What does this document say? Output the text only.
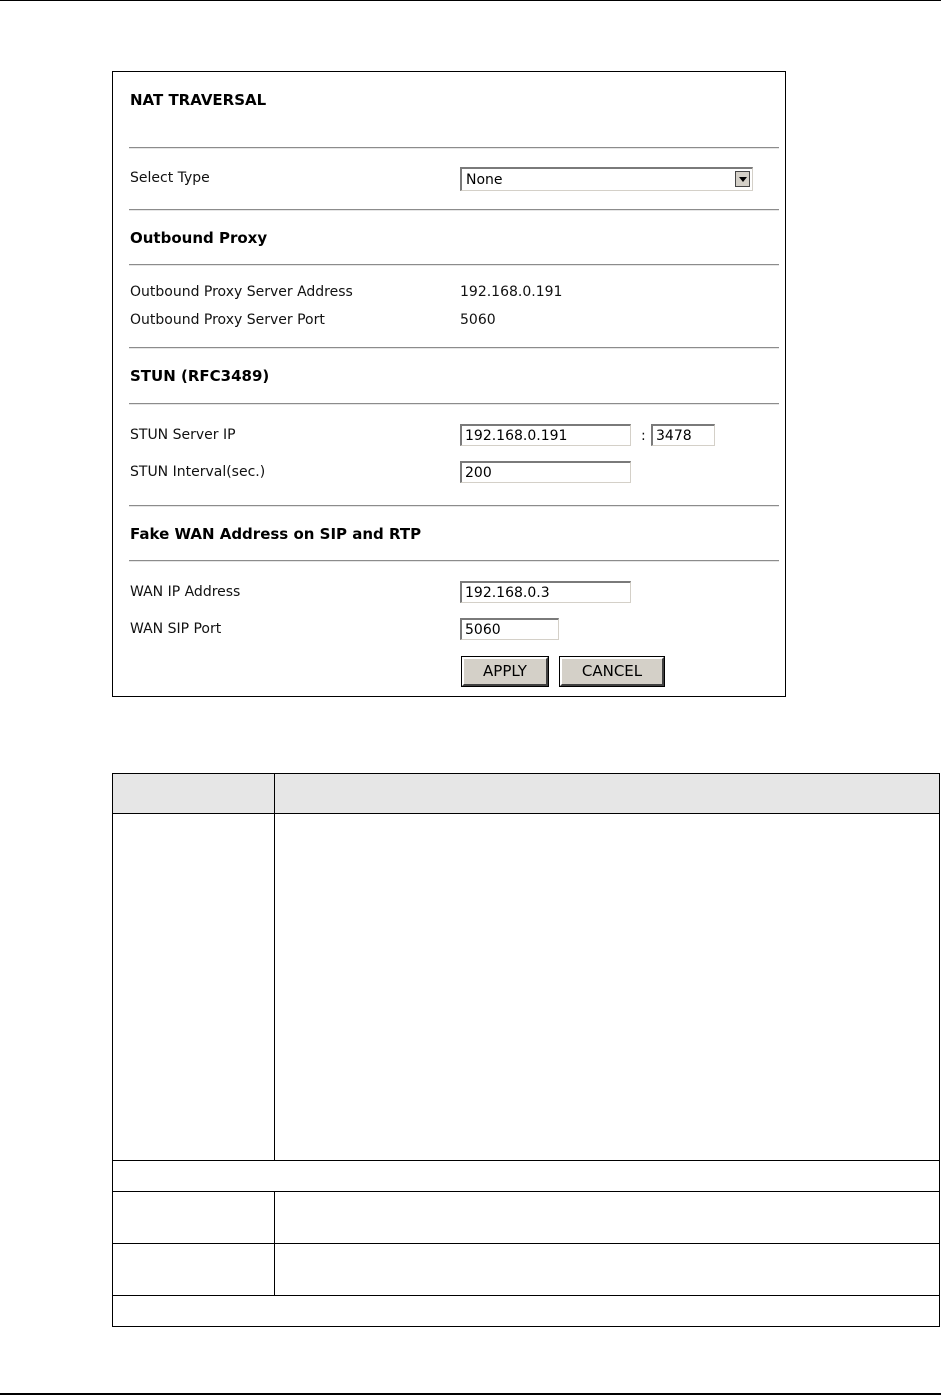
NAT TRAVERSAL
Select Type	None
Outbound Proxy
Outbound Proxy Server Address	192.168.0.191
Outbound Proxy Server Port	5060
STUN (RFC3489)
STUN Server IP	192.168.0.191	: 3478
STUN Interval(sec.)	200
Fake WAN Address on SIP and RTP
WAN IP Address	192.168.0.3
WAN SIP Port	5060
APPLY	CANCEL
